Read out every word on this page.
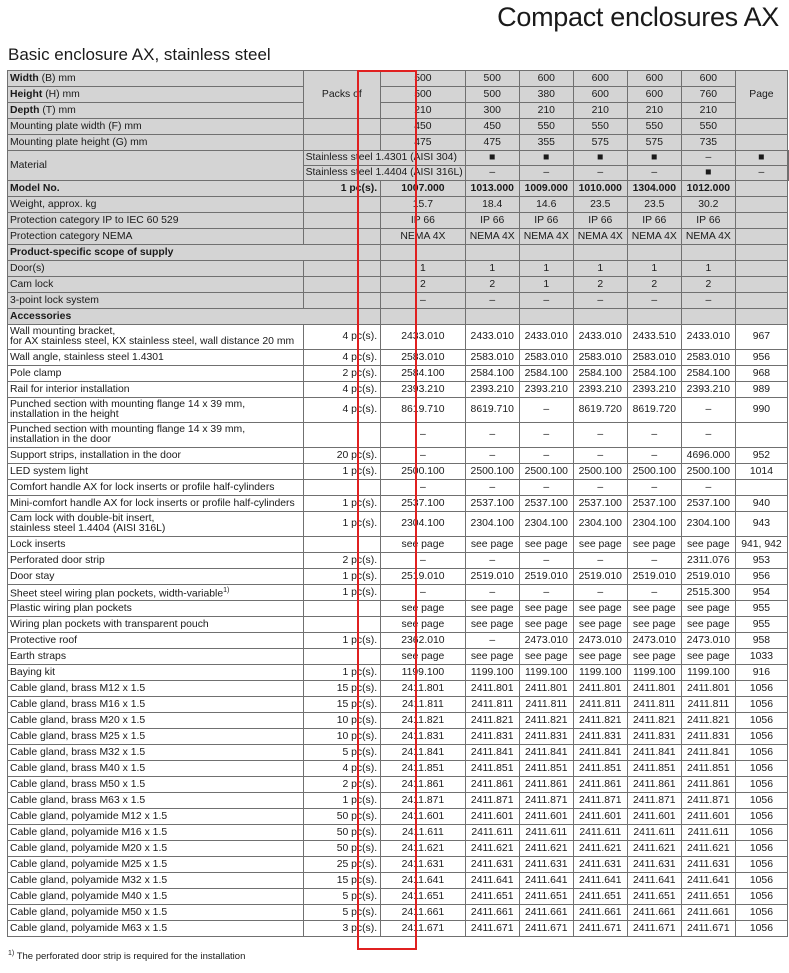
Compact enclosures AX
Basic enclosure AX, stainless steel
Width (B) mm	Packs of	500	500	600	600	600	600	Page	
Height (H) mm		500	500	380	600	600	760		
Depth (T) mm		210	300	210	210	210	210		
Mounting plate width (F) mm		450	450	550	550	550	550		
Mounting plate height (G) mm		475	475	355	575	575	735		
Material	Stainless steel 1.4301 (AISI 304)		■	■	■	■	–	■	
	Stainless steel 1.4404 (AISI 316L)		–	–	–	–	■	–	
Model No.	1 pc(s).	1007.000	1013.000	1009.000	1010.000	1304.000	1012.000		
Weight, approx. kg		15.7	18.4	14.6	23.5	23.5	30.2		
Protection category IP to IEC 60 529		IP 66	IP 66	IP 66	IP 66	IP 66	IP 66		
Protection category NEMA		NEMA 4X	NEMA 4X	NEMA 4X	NEMA 4X	NEMA 4X	NEMA 4X		
Product-specific scope of supply									
Door(s)		1	1	1	1	1	1		
Cam lock		2	2	1	2	2	2		
3-point lock system		–	–	–	–	–	–		
Accessories									

Wall mounting bracket,
for AX stainless steel, KX stainless steel, wall distance 20 mm	4 pc(s).	2433.010	2433.010	2433.010	2433.010	2433.510	2433.010	967	
Wall angle, stainless steel 1.4301	4 pc(s).	2583.010	2583.010	2583.010	2583.010	2583.010	2583.010	956	
Pole clamp	2 pc(s).	2584.100	2584.100	2584.100	2584.100	2584.100	2584.100	968	
Rail for interior installation	4 pc(s).	2393.210	2393.210	2393.210	2393.210	2393.210	2393.210	989	

Punched section with mounting flange 14 x 39 mm,
installation in the height	4 pc(s).	8619.710	8619.710	–	8619.720	8619.720	–	990	

Punched section with mounting flange 14 x 39 mm,
installation in the door		–	–	–	–	–	–		
Support strips, installation in the door	20 pc(s).	–	–	–	–	–	4696.000	952	
LED system light	1 pc(s).	2500.100	2500.100	2500.100	2500.100	2500.100	2500.100	1014	
Comfort handle AX for lock inserts or profile half-cylinders		–	–	–	–	–	–		
Mini-comfort handle AX for lock inserts or profile half-cylinders	1 pc(s).	2537.100	2537.100	2537.100	2537.100	2537.100	2537.100	940	

Cam lock with double-bit insert,
stainless steel 1.4404 (AISI 316L)	1 pc(s).	2304.100	2304.100	2304.100	2304.100	2304.100	2304.100	943	
Lock inserts		see page	see page	see page	see page	see page	see page	941, 942	
Perforated door strip	2 pc(s).	–	–	–	–	–	2311.076	953	
Door stay	1 pc(s).	2519.010	2519.010	2519.010	2519.010	2519.010	2519.010	956	
Sheet steel wiring plan pockets, width-variable$^{1)}$	1 pc(s).	–	–	–	–	–	2515.300	954	
Plastic wiring plan pockets		see page	see page	see page	see page	see page	see page	955	
Wiring plan pockets with transparent pouch		see page	see page	see page	see page	see page	see page	955	
Protective roof	1 pc(s).	2362.010	–	2473.010	2473.010	2473.010	2473.010	958	
Earth straps		see page	see page	see page	see page	see page	see page	1033	
Baying kit	1 pc(s).	1199.100	1199.100	1199.100	1199.100	1199.100	1199.100	916	
Cable gland, brass M12 x 1.5	15 pc(s).	2411.801	2411.801	2411.801	2411.801	2411.801	2411.801	1056	
Cable gland, brass M16 x 1.5	15 pc(s).	2411.811	2411.811	2411.811	2411.811	2411.811	2411.811	1056	
Cable gland, brass M20 x 1.5	10 pc(s).	2411.821	2411.821	2411.821	2411.821	2411.821	2411.821	1056	
Cable gland, brass M25 x 1.5	10 pc(s).	2411.831	2411.831	2411.831	2411.831	2411.831	2411.831	1056	
Cable gland, brass M32 x 1.5	5 pc(s).	2411.841	2411.841	2411.841	2411.841	2411.841	2411.841	1056	
Cable gland, brass M40 x 1.5	4 pc(s).	2411.851	2411.851	2411.851	2411.851	2411.851	2411.851	1056	
Cable gland, brass M50 x 1.5	2 pc(s).	2411.861	2411.861	2411.861	2411.861	2411.861	2411.861	1056	
Cable gland, brass M63 x 1.5	1 pc(s).	2411.871	2411.871	2411.871	2411.871	2411.871	2411.871	1056	
Cable gland, polyamide M12 x 1.5	50 pc(s).	2411.601	2411.601	2411.601	2411.601	2411.601	2411.601	1056	
Cable gland, polyamide M16 x 1.5	50 pc(s).	2411.611	2411.611	2411.611	2411.611	2411.611	2411.611	1056	
Cable gland, polyamide M20 x 1.5	50 pc(s).	2411.621	2411.621	2411.621	2411.621	2411.621	2411.621	1056	
Cable gland, polyamide M25 x 1.5	25 pc(s).	2411.631	2411.631	2411.631	2411.631	2411.631	2411.631	1056	
Cable gland, polyamide M32 x 1.5	15 pc(s).	2411.641	2411.641	2411.641	2411.641	2411.641	2411.641	1056	
Cable gland, polyamide M40 x 1.5	5 pc(s).	2411.651	2411.651	2411.651	2411.651	2411.651	2411.651	1056	
Cable gland, polyamide M50 x 1.5	5 pc(s).	2411.661	2411.661	2411.661	2411.661	2411.661	2411.661	1056	
Cable gland, polyamide M63 x 1.5	3 pc(s).	2411.671	2411.671	2411.671	2411.671	2411.671	2411.671	1056	
$^{1)}$ The perforated door strip is required for the installation
